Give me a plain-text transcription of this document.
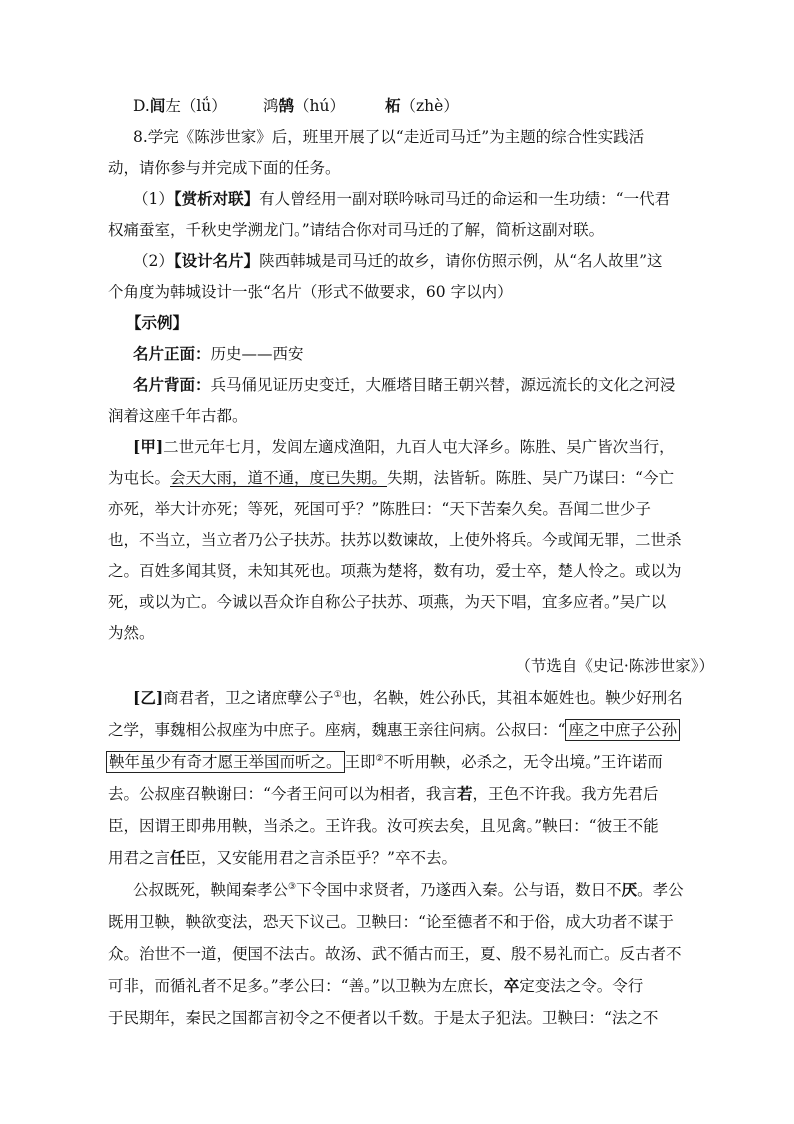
D.闾左（lǘ） 鸿鹄（hú）	柘（zhè）
8.学完《陈涉世家》后，班里开展了以“走近司马迁”为主题的综合性实践活
动，请你参与并完成下面的任务。
（1）【赏析对联】有人曾经用一副对联吟咏司马迁的命运和一生功绩：“一代君
权痛蚕室，千秋史学溯龙门。”请结合你对司马迁的了解，简析这副对联。
（2）【设计名片】陕西韩城是司马迁的故乡，请你仿照示例，从“名人故里”这
个角度为韩城设计一张“名片（形式不做要求，60 字以内）
【示例】
名片正面：历史——西安
名片背面：兵马俑见证历史变迁，大雁塔目睹王朝兴替，源远流长的文化之河浸
润着这座千年古都。
[甲]二世元年七月，发闾左適戍渔阳，九百人屯大泽乡。陈胜、吴广皆次当行，
为屯长。会天大雨，道不通，度已失期。失期，法皆斩。陈胜、吴广乃谋曰：“今亡
亦死，举大计亦死；等死，死国可乎？”陈胜曰：“天下苦秦久矣。吾闻二世少子
也，不当立，当立者乃公子扶苏。扶苏以数谏故，上使外将兵。今或闻无罪，二世杀
之。百姓多闻其贤，未知其死也。项燕为楚将，数有功，爱士卒，楚人怜之。或以为
死，或以为亡。今诚以吾众诈自称公子扶苏、项燕，为天下唱，宜多应者。”吴广以
为然。
（节选自《史记·陈涉世家》）
[乙]商君者，卫之诸庶孽公子①也，名鞅，姓公孙氏，其祖本姬姓也。鞅少好刑名
之学，事魏相公叔座为中庶子。座病，魏惠王亲往问病。公叔曰：“ 座之中庶子公孙
鞅年虽少有奇才愿王举国而听之。 王即②不听用鞅，必杀之，无令出境。”王许诺而
去。公叔座召鞅谢曰：“今者王问可以为相者，我言若，王色不许我。我方先君后
臣，因谓王即弗用鞅，当杀之。王许我。汝可疾去矣，且见禽。”鞅曰：“彼王不能
用君之言任臣，又安能用君之言杀臣乎？”卒不去。
公叔既死，鞅闻秦孝公③下令国中求贤者，乃遂西入秦。公与语，数日不厌。孝公
既用卫鞅，鞅欲变法，恐天下议己。卫鞅曰：“论至德者不和于俗，成大功者不谋于
众。治世不一道，便国不法古。故汤、武不循古而王，夏、殷不易礼而亡。反古者不
可非，而循礼者不足多。”孝公曰：“善。”以卫鞅为左庶长，卒定变法之令。令行
于民期年，秦民之国都言初令之不便者以千数。于是太子犯法。卫鞅曰：“法之不
